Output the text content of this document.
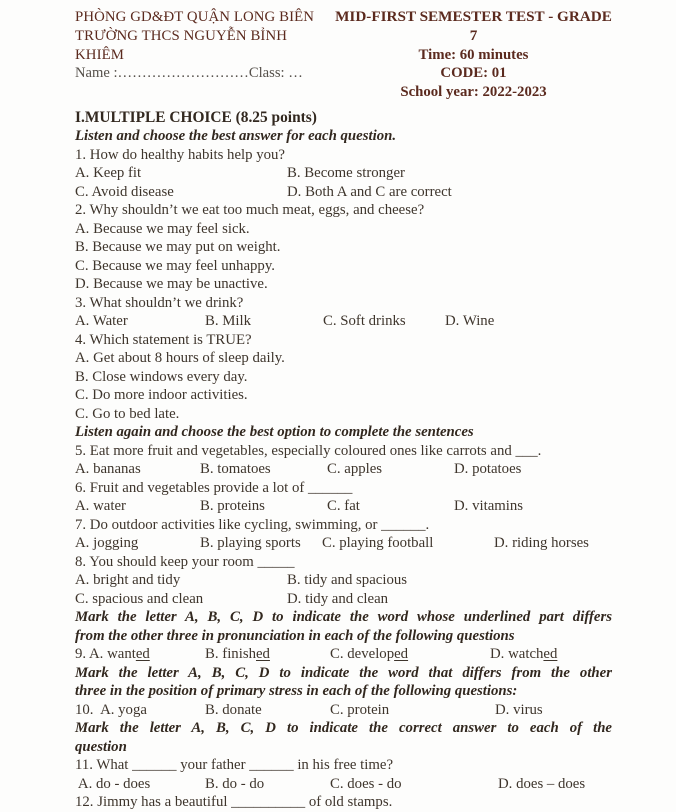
PHÒNG GD&ĐT QUẬN LONG BIÊN
TRƯỜNG THCS NGUYỄN BỈNH
KHIÊM
Name :………………………Class: …
MID-FIRST SEMESTER TEST - GRADE 7
Time: 60 minutes
CODE: 01
School year: 2022-2023
I.MULTIPLE CHOICE (8.25 points)
Listen and choose the best answer for each question.
1. How do healthy habits help you?
A. Keep fit	B. Become stronger
C. Avoid disease	D. Both A and C are correct
2. Why shouldn’t we eat too much meat, eggs, and cheese?
A. Because we may feel sick.
B. Because we may put on weight.
C. Because we may feel unhappy.
D. Because we may be unactive.
3. What shouldn’t we drink?
A. Water	B. Milk	C. Soft drinks	D. Wine
4. Which statement is TRUE?
A. Get about 8 hours of sleep daily.
B. Close windows every day.
C. Do more indoor activities.
C. Go to bed late.
Listen again and choose the best option to complete the sentences
5. Eat more fruit and vegetables, especially coloured ones like carrots and ___.
A. bananas	B. tomatoes	C. apples	D. potatoes
6. Fruit and vegetables provide a lot of ______
A. water	B. proteins	C. fat	D. vitamins
7. Do outdoor activities like cycling, swimming, or ______.
A. jogging	B. playing sports	C. playing football	D. riding horses
8. You should keep your room _____
A. bright and tidy	B. tidy and spacious
C. spacious and clean	D. tidy and clean
Mark the letter A, B, C, D to indicate the word whose underlined part differs
from the other three in pronunciation in each of the following questions
9. A. wanted	B. finished	C. developed	D. watched
Mark the letter A, B, C, D to indicate the word that differs from the other
three in the position of primary stress in each of the following questions:
10.  A. yoga	B. donate	C. protein	D. virus
Mark the letter A, B, C, D to indicate the correct answer to each of the
question
11. What ______ your father ______ in his free time?
A. do - does	B. do - do	C. does - do	D. does – does
12. Jimmy has a beautiful __________ of old stamps.
